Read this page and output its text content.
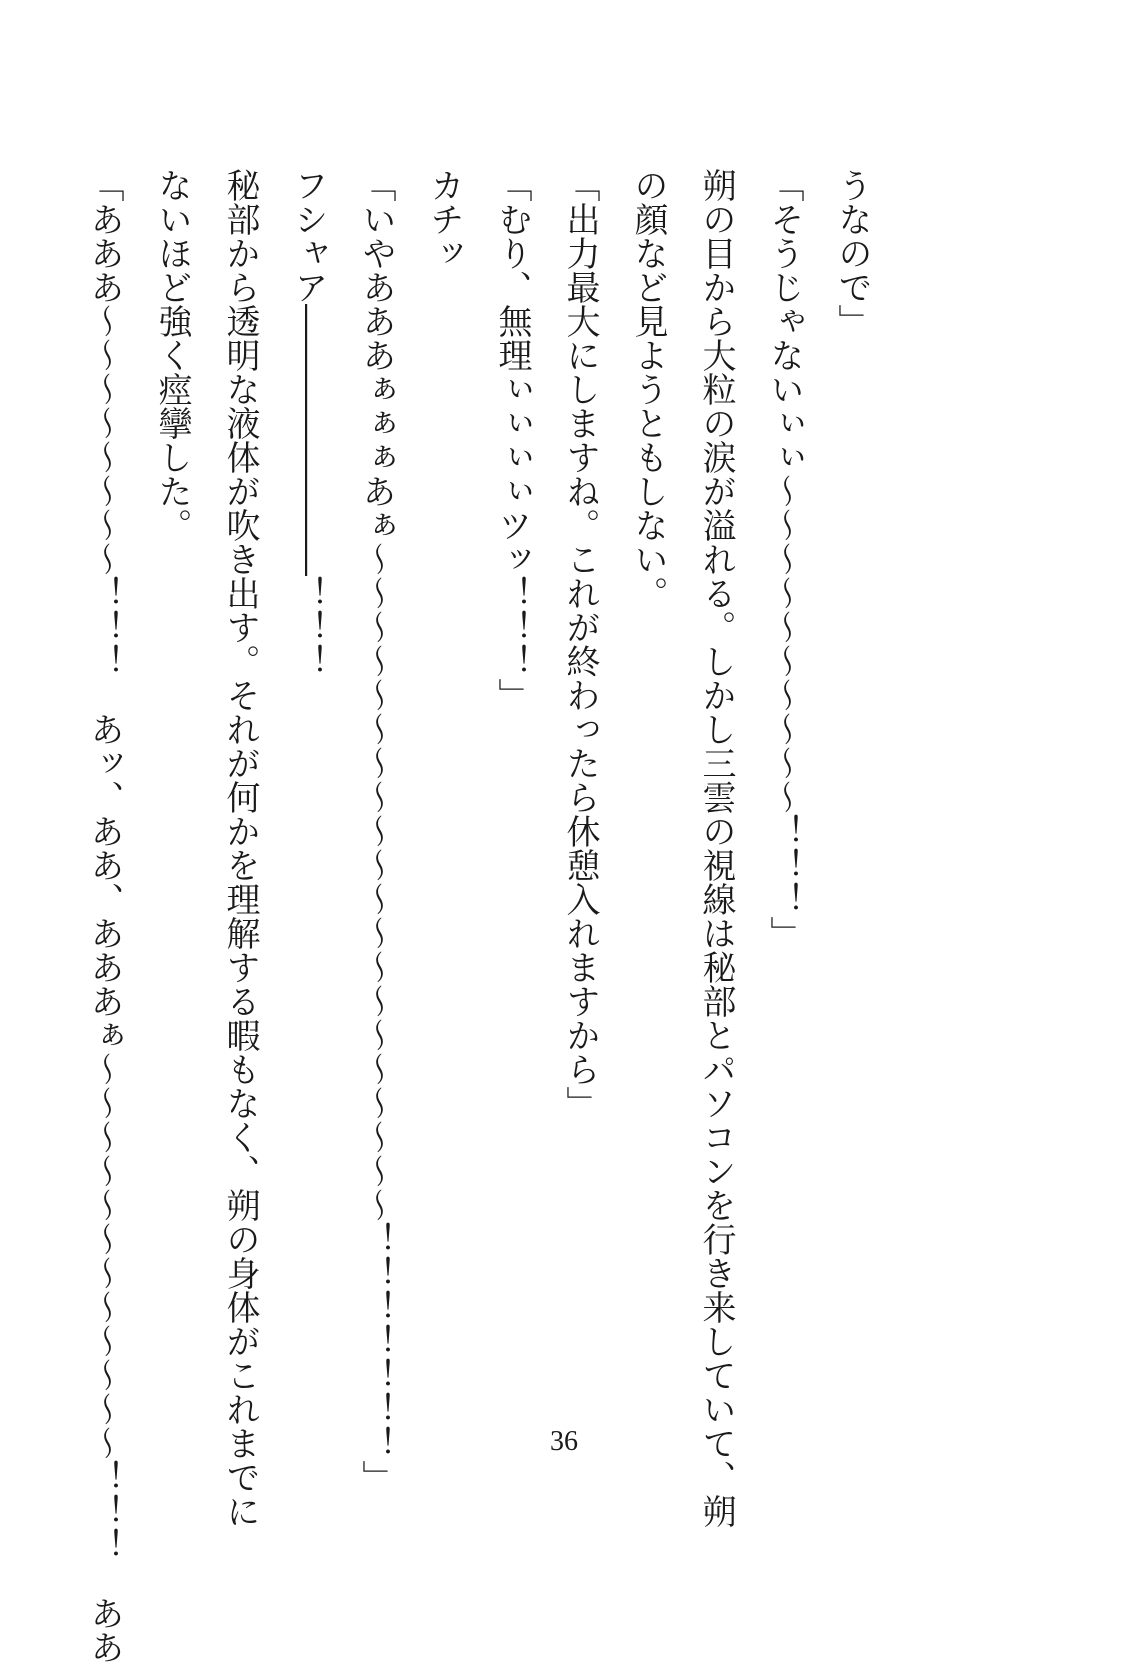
うなので」

「そうじゃないぃぃ〜〜〜〜〜〜〜〜〜〜！！！」

朔の目から大粒の涙が溢れる。しかし三雲の視線は秘部とパソコンを行き来していて、朔

の顔など見ようともしない。

「出力最大にしますね。これが終わったら休憩入れますから」

「むり、無理ぃぃぃぃツッ！！！」

カチッ

「いやあああぁぁぁあぁ〜〜〜〜〜〜〜〜〜〜〜〜〜〜〜〜〜〜〜〜！！！！！！！」

フシャア――――――――！！！

秘部から透明な液体が吹き出す。それが何かを理解する暇もなく、朔の身体がこれまでに

ないほど強く痙攣した。

「あああ〜〜〜〜〜〜〜〜！！！　あッ、ああ、あああぁ〜〜〜〜〜〜〜〜〜〜〜〜！！！　ああ	36
